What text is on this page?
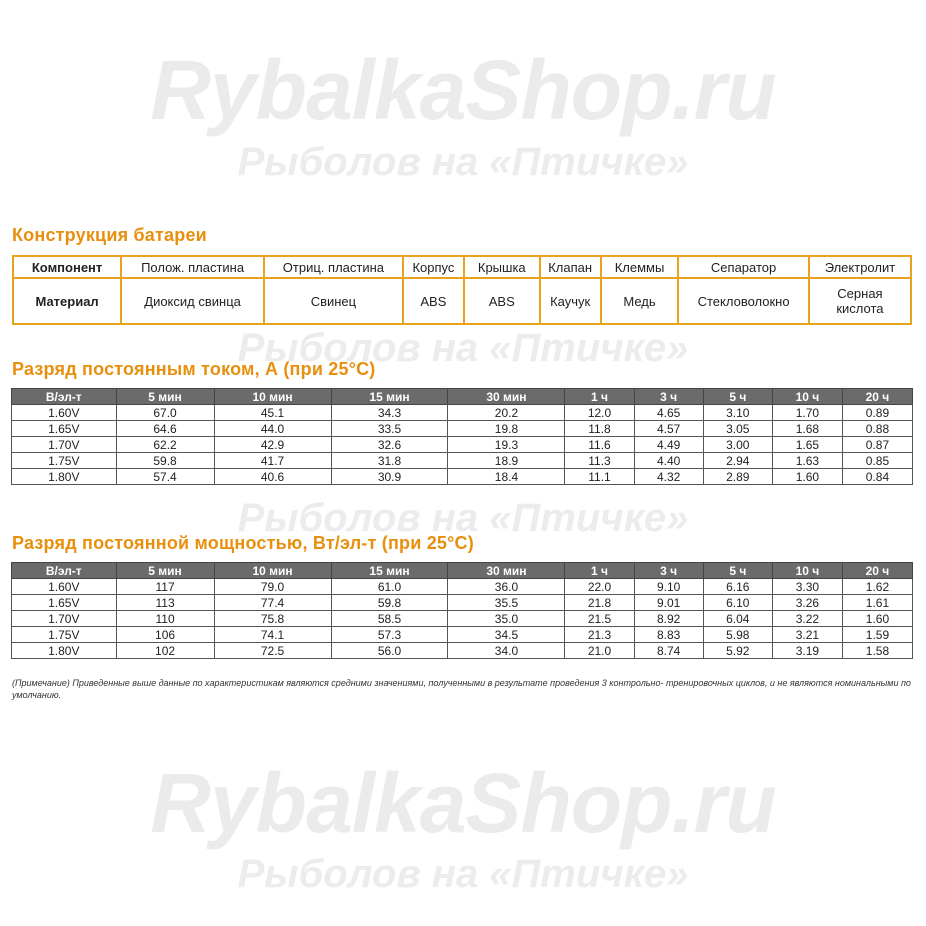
RybalkaShop.ru
Рыболов на «Птичке»
Рыболов на «Птичке»
Рыболов на «Птичке»
RybalkaShop.ru
Рыболов на «Птичке»
Конструкция батареи
Компонент	Полож. пластина	Отриц. пластина	Корпус	Крышка	Клапан	Клеммы	Сепаратор	Электролит
Материал	Диоксид свинца	Свинец	ABS	ABS	Каучук	Медь	Стекловолокно	Серная кислота
Разряд постоянным током, А (при 25°С)
В/эл-т	5 мин	10 мин	15 мин	30 мин	1 ч	3 ч	5 ч	10 ч	20 ч
1.60V	67.0	45.1	34.3	20.2	12.0	4.65	3.10	1.70	0.89
1.65V	64.6	44.0	33.5	19.8	11.8	4.57	3.05	1.68	0.88
1.70V	62.2	42.9	32.6	19.3	11.6	4.49	3.00	1.65	0.87
1.75V	59.8	41.7	31.8	18.9	11.3	4.40	2.94	1.63	0.85
1.80V	57.4	40.6	30.9	18.4	11.1	4.32	2.89	1.60	0.84
Разряд постоянной мощностью, Вт/эл-т (при 25°С)
В/эл-т	5 мин	10 мин	15 мин	30 мин	1 ч	3 ч	5 ч	10 ч	20 ч
1.60V	117	79.0	61.0	36.0	22.0	9.10	6.16	3.30	1.62
1.65V	113	77.4	59.8	35.5	21.8	9.01	6.10	3.26	1.61
1.70V	110	75.8	58.5	35.0	21.5	8.92	6.04	3.22	1.60
1.75V	106	74.1	57.3	34.5	21.3	8.83	5.98	3.21	1.59
1.80V	102	72.5	56.0	34.0	21.0	8.74	5.92	3.19	1.58
(Примечание) Приведенные выше данные по характеристикам являются средними значениями, полученными в результате проведения 3 контрольно- тренировочных циклов, и не являются номинальными по умолчанию.
